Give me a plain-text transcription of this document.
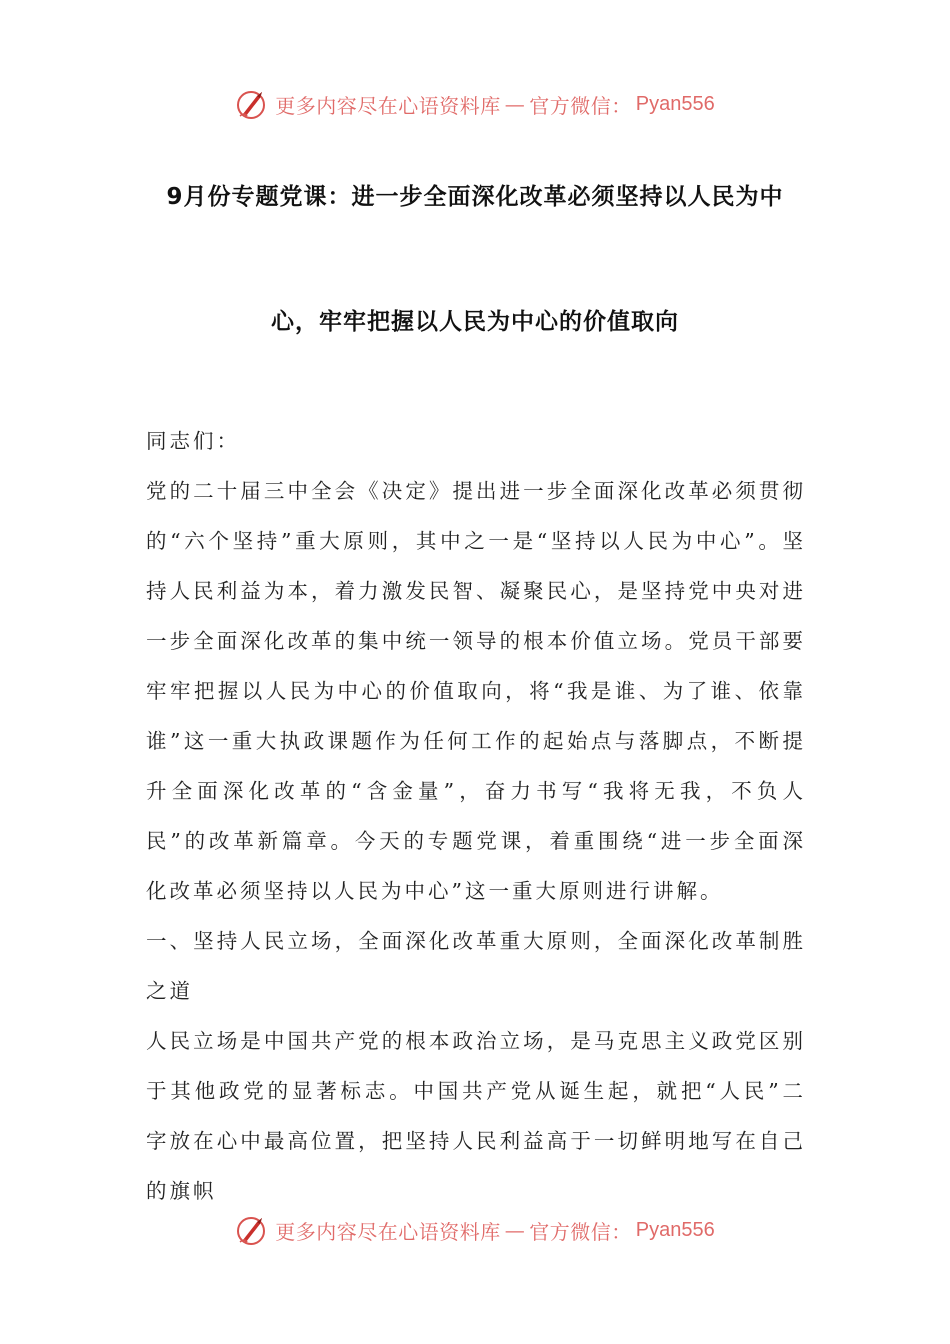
更多内容尽在心语资料库 — 官方微信： Pyan556
9月份专题党课：进一步全面深化改革必须坚持以人民为中
心，牢牢把握以人民为中心的价值取向

同志们：

党的二十届三中全会《决定》提出进一步全面深化改革必须贯彻的“六个坚持”重大原则，其中之一是“坚持以人民为中心”。坚持人民利益为本，着力激发民智、凝聚民心，是坚持党中央对进一步全面深化改革的集中统一领导的根本价值立场。党员干部要牢牢把握以人民为中心的价值取向，将“我是谁、为了谁、依靠谁”这一重大执政课题作为任何工作的起始点与落脚点，不断提升全面深化改革的“含金量”，奋力书写“我将无我，不负人民”的改革新篇章。今天的专题党课，着重围绕“进一步全面深化改革必须坚持以人民为中心”这一重大原则进行讲解。

一、坚持人民立场，全面深化改革重大原则，全面深化改革制胜之道

人民立场是中国共产党的根本政治立场，是马克思主义政党区别于其他政党的显著标志。中国共产党从诞生起，就把“人民”二字放在心中最高位置，把坚持人民利益高于一切鲜明地写在自己的旗帜

更多内容尽在心语资料库 — 官方微信： Pyan556
